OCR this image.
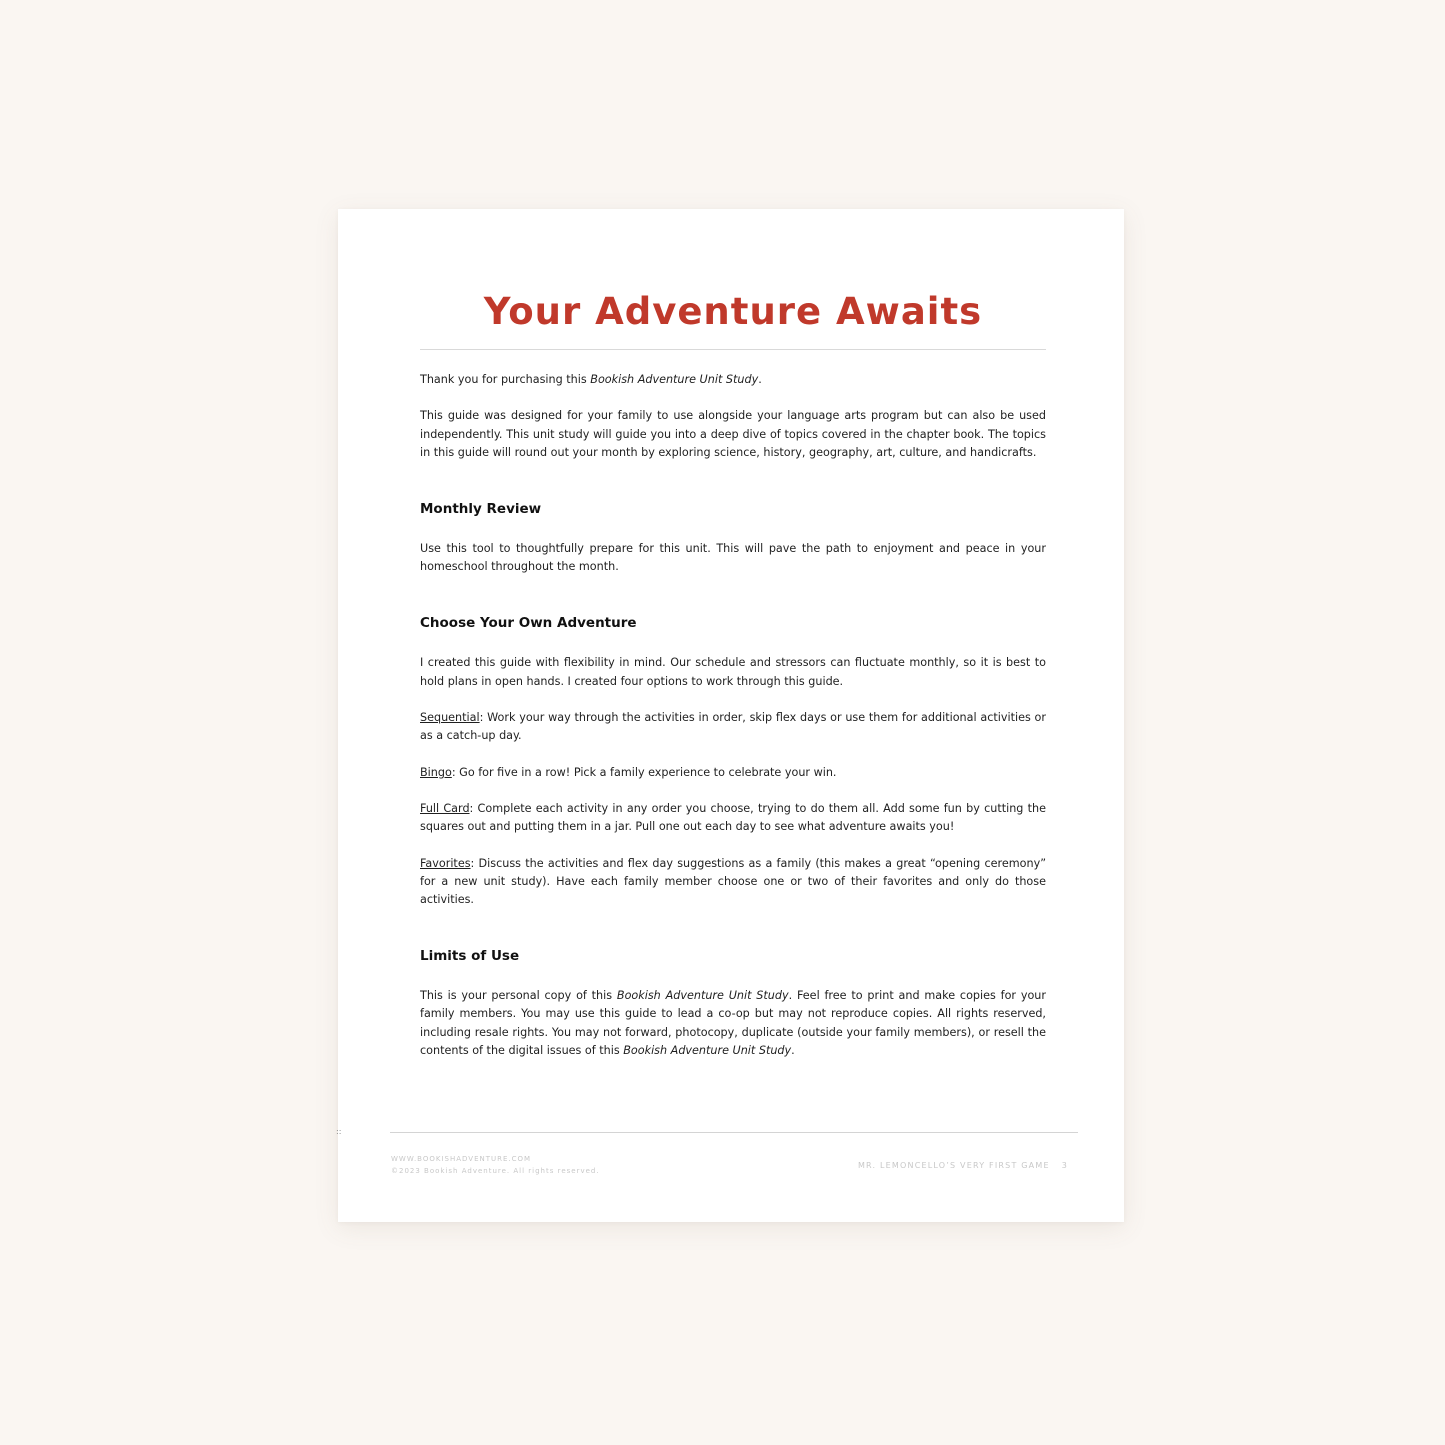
Your Adventure Awaits

Thank you for purchasing this Bookish Adventure Unit Study.

This guide was designed for your family to use alongside your language arts program but can also be used independently. This unit study will guide you into a deep dive of topics covered in the chapter book. The topics in this guide will round out your month by exploring science, history, geography, art, culture, and handicrafts.

Monthly Review

Use this tool to thoughtfully prepare for this unit. This will pave the path to enjoyment and peace in your homeschool throughout the month.

Choose Your Own Adventure

I created this guide with flexibility in mind. Our schedule and stressors can fluctuate monthly, so it is best to hold plans in open hands. I created four options to work through this guide.

Sequential: Work your way through the activities in order, skip flex days or use them for additional activities or as a catch-up day.

Bingo: Go for five in a row! Pick a family experience to celebrate your win.

Full Card: Complete each activity in any order you choose, trying to do them all. Add some fun by cutting the squares out and putting them in a jar. Pull one out each day to see what adventure awaits you!

Favorites: Discuss the activities and flex day suggestions as a family (this makes a great “opening ceremony” for a new unit study). Have each family member choose one or two of their favorites and only do those activities.

Limits of Use

This is your personal copy of this Bookish Adventure Unit Study. Feel free to print and make copies for your family members. You may use this guide to lead a co-op but may not reproduce copies. All rights reserved, including resale rights. You may not forward, photocopy, duplicate (outside your family members), or resell the contents of the digital issues of this Bookish Adventure Unit Study.

::
WWW.BOOKISHADVENTURE.COM
©2023 Bookish Adventure. All rights reserved.
MR. LEMONCELLO’S VERY FIRST GAME 3
